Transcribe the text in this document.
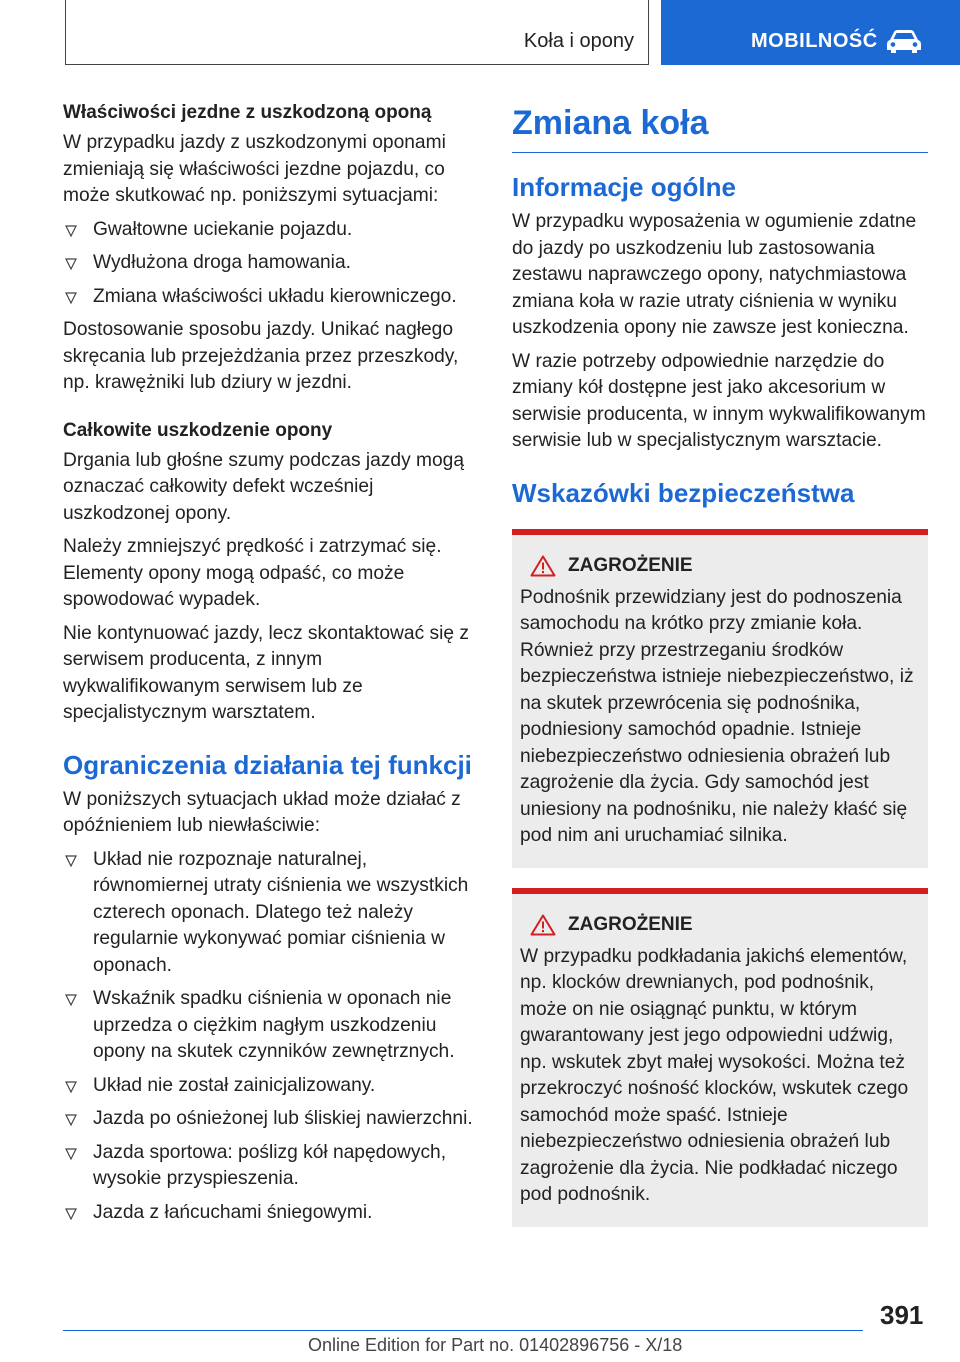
Koła i opony	MOBILNOŚĆ
Właściwości jezdne z uszkodzoną oponą

W przypadku jazdy z uszkodzonymi oponami zmieniają się właściwości jezdne pojazdu, co może skutkować np. poniższymi sytuacjami:

Gwałtowne uciekanie pojazdu.
Wydłużona droga hamowania.
Zmiana właściwości układu kierowniczego.

Dostosowanie sposobu jazdy. Unikać nagłego skręcania lub przejeżdżania przez przeszkody, np. krawężniki lub dziury w jezdni.

Całkowite uszkodzenie opony

Drgania lub głośne szumy podczas jazdy mogą oznaczać całkowity defekt wcześniej uszkodzonej opony.

Należy zmniejszyć prędkość i zatrzymać się. Elementy opony mogą odpaść, co może spowodować wypadek.

Nie kontynuować jazdy, lecz skontaktować się z serwisem producenta, z innym wykwalifikowanym serwisem lub ze specjalistycznym warsztatem.

Ograniczenia działania tej funkcji

W poniższych sytuacjach układ może działać z opóźnieniem lub niewłaściwie:

Układ nie rozpoznaje naturalnej, równomiernej utraty ciśnienia we wszystkich czterech oponach. Dlatego też należy regularnie wykonywać pomiar ciśnienia w oponach.
Wskaźnik spadku ciśnienia w oponach nie uprzedza o ciężkim nagłym uszkodzeniu opony na skutek czynników zewnętrznych.
Układ nie został zainicjalizowany.
Jazda po ośnieżonej lub śliskiej nawierzchni.
Jazda sportowa: poślizg kół napędowych, wysokie przyspieszenia.
Jazda z łańcuchami śniegowymi.
Zmiana koła
Informacje ogólne

W przypadku wyposażenia w ogumienie zdatne do jazdy po uszkodzeniu lub zastosowania zestawu naprawczego opony, natychmiastowa zmiana koła w razie utraty ciśnienia w wyniku uszkodzenia opony nie zawsze jest konieczna.

W razie potrzeby odpowiednie narzędzie do zmiany kół dostępne jest jako akcesorium w serwisie producenta, w innym wykwalifikowanym serwisie lub w specjalistycznym warsztacie.

Wskazówki bezpieczeństwa
ZAGROŻENIE

Podnośnik przewidziany jest do podnoszenia samochodu na krótko przy zmianie koła. Również przy przestrzeganiu środków bezpieczeństwa istnieje niebezpieczeństwo, iż na skutek przewrócenia się podnośnika, podniesiony samochód opadnie. Istnieje niebezpieczeństwo odniesienia obrażeń lub zagrożenie dla życia. Gdy samochód jest uniesiony na podnośniku, nie należy kłaść się pod nim ani uruchamiać silnika.

ZAGROŻENIE

W przypadku podkładania jakichś elementów, np. klocków drewnianych, pod podnośnik, może on nie osiągnąć punktu, w którym gwarantowany jest jego odpowiedni udźwig, np. wskutek zbyt małej wysokości. Można też przekroczyć nośność klocków, wskutek czego samochód może spaść. Istnieje niebezpieczeństwo odniesienia obrażeń lub zagrożenie dla życia. Nie podkładać niczego pod podnośnik.

391
Online Edition for Part no. 01402896756 - X/18
